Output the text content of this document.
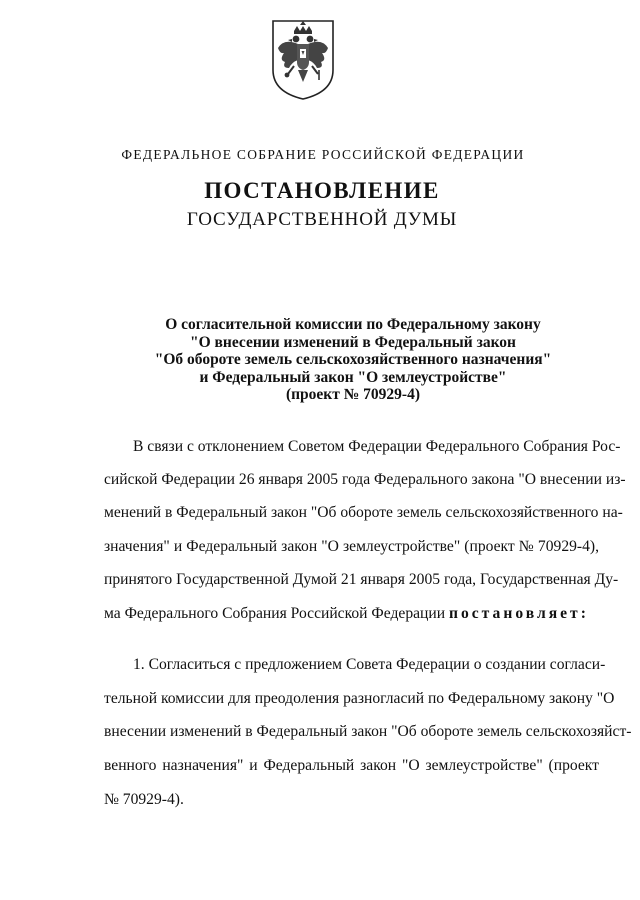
ФЕДЕРАЛЬНОЕ СОБРАНИЕ РОССИЙСКОЙ ФЕДЕРАЦИИ
ПОСТАНОВЛЕНИЕ
ГОСУДАРСТВЕННОЙ ДУМЫ
О согласительной комиссии по Федеральному закону
"О внесении изменений в Федеральный закон
"Об обороте земель сельскохозяйственного назначения"
и Федеральный закон "О землеустройстве"
(проект № 70929-4)
В связи с отклонением Советом Федерации Федерального Собрания Рос-
сийской Федерации 26 января 2005 года Федерального закона "О внесении из-
менений в Федеральный закон "Об обороте земель сельскохозяйственного на-
значения" и Федеральный закон "О землеустройстве" (проект № 70929-4),
принятого Государственной Думой 21 января 2005 года, Государственная Ду-
ма Федерального Собрания Российской Федерации постановляет:
1. Согласиться с предложением Совета Федерации о создании согласи-
тельной комиссии для преодоления разногласий по Федеральному закону "О
внесении изменений в Федеральный закон "Об обороте земель сельскохозяйст-
венного назначения" и Федеральный закон "О землеустройстве" (проект
№ 70929-4).
